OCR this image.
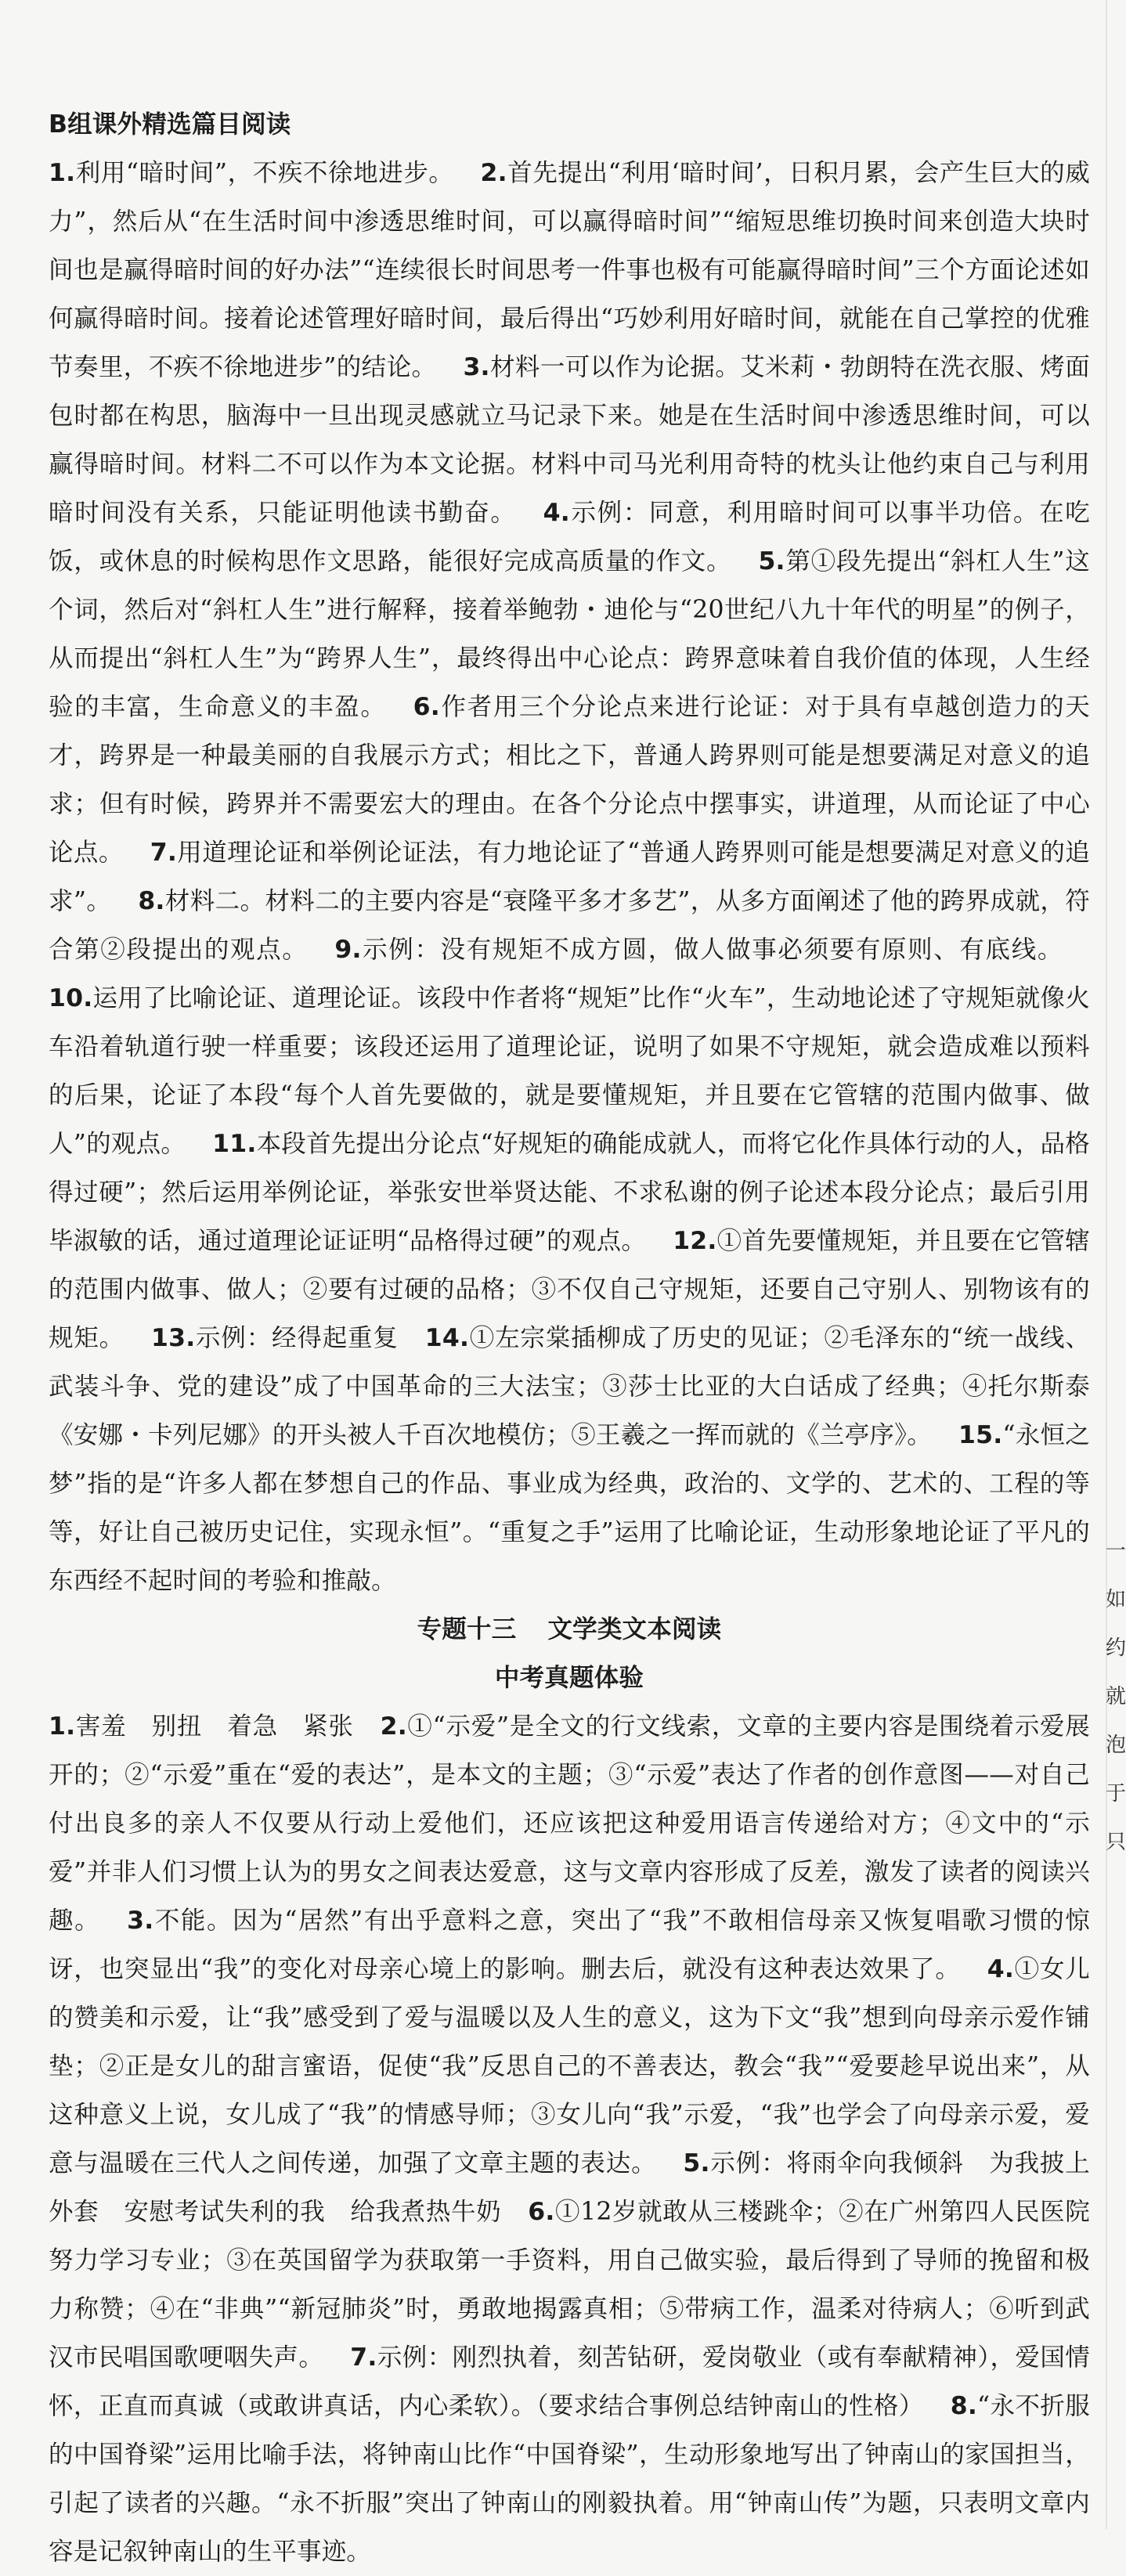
B组课外精选篇目阅读
1.利用“暗时间”，不疾不徐地进步。 2.首先提出“利用‘暗时间’，日积月累，会产生巨大的威力”，然后从“在生活时间中渗透思维时间，可以赢得暗时间”“缩短思维切换时间来创造大块时间也是赢得暗时间的好办法”“连续很长时间思考一件事也极有可能赢得暗时间”三个方面论述如何赢得暗时间。接着论述管理好暗时间，最后得出“巧妙利用好暗时间，就能在自己掌控的优雅节奏里，不疾不徐地进步”的结论。 3.材料一可以作为论据。艾米莉・勃朗特在洗衣服、烤面包时都在构思，脑海中一旦出现灵感就立马记录下来。她是在生活时间中渗透思维时间，可以赢得暗时间。材料二不可以作为本文论据。材料中司马光利用奇特的枕头让他约束自己与利用暗时间没有关系，只能证明他读书勤奋。 4.示例：同意，利用暗时间可以事半功倍。在吃饭，或休息的时候构思作文思路，能很好完成高质量的作文。 5.第①段先提出“斜杠人生”这个词，然后对“斜杠人生”进行解释，接着举鲍勃・迪伦与“20世纪八九十年代的明星”的例子，从而提出“斜杠人生”为“跨界人生”，最终得出中心论点：跨界意味着自我价值的体现，人生经验的丰富，生命意义的丰盈。 6.作者用三个分论点来进行论证：对于具有卓越创造力的天才，跨界是一种最美丽的自我展示方式；相比之下，普通人跨界则可能是想要满足对意义的追求；但有时候，跨界并不需要宏大的理由。在各个分论点中摆事实，讲道理，从而论证了中心论点。 7.用道理论证和举例论证法，有力地论证了“普通人跨界则可能是想要满足对意义的追求”。 8.材料二。材料二的主要内容是“衰隆平多才多艺”，从多方面阐述了他的跨界成就，符合第②段提出的观点。 9.示例：没有规矩不成方圆，做人做事必须要有原则、有底线。10.运用了比喻论证、道理论证。该段中作者将“规矩”比作“火车”，生动地论述了守规矩就像火车沿着轨道行驶一样重要；该段还运用了道理论证，说明了如果不守规矩，就会造成难以预料的后果，论证了本段“每个人首先要做的，就是要懂规矩，并且要在它管辖的范围内做事、做人”的观点。 11.本段首先提出分论点“好规矩的确能成就人，而将它化作具体行动的人，品格得过硬”；然后运用举例论证，举张安世举贤达能、不求私谢的例子论述本段分论点；最后引用毕淑敏的话，通过道理论证证明“品格得过硬”的观点。 12.①首先要懂规矩，并且要在它管辖的范围内做事、做人；②要有过硬的品格；③不仅自己守规矩，还要自己守别人、别物该有的规矩。 13.示例：经得起重复 14.①左宗棠插柳成了历史的见证；②毛泽东的“统一战线、武装斗争、党的建设”成了中国革命的三大法宝；③莎士比亚的大白话成了经典；④托尔斯泰《安娜・卡列尼娜》的开头被人千百次地模仿；⑤王羲之一挥而就的《兰亭序》。 15.“永恒之梦”指的是“许多人都在梦想自己的作品、事业成为经典，政治的、文学的、艺术的、工程的等等，好让自己被历史记住，实现永恒”。“重复之手”运用了比喻论证，生动形象地论证了平凡的东西经不起时间的考验和推敲。

专题十三 文学类文本阅读

中考真题体验

1.害羞　别扭　着急　紧张 2.①“示爱”是全文的行文线索，文章的主要内容是围绕着示爱展开的；②“示爱”重在“爱的表达”，是本文的主题；③“示爱”表达了作者的创作意图——对自己付出良多的亲人不仅要从行动上爱他们，还应该把这种爱用语言传递给对方；④文中的“示爱”并非人们习惯上认为的男女之间表达爱意，这与文章内容形成了反差，激发了读者的阅读兴趣。 3.不能。因为“居然”有出乎意料之意，突出了“我”不敢相信母亲又恢复唱歌习惯的惊讶，也突显出“我”的变化对母亲心境上的影响。删去后，就没有这种表达效果了。 4.①女儿的赞美和示爱，让“我”感受到了爱与温暖以及人生的意义，这为下文“我”想到向母亲示爱作铺垫；②正是女儿的甜言蜜语，促使“我”反思自己的不善表达，教会“我”“爱要趁早说出来”，从这种意义上说，女儿成了“我”的情感导师；③女儿向“我”示爱，“我”也学会了向母亲示爱，爱意与温暖在三代人之间传递，加强了文章主题的表达。 5.示例：将雨伞向我倾斜　为我披上外套　安慰考试失利的我　给我煮热牛奶 6.①12岁就敢从三楼跳伞；②在广州第四人民医院努力学习专业；③在英国留学为获取第一手资料，用自己做实验，最后得到了导师的挽留和极力称赞；④在“非典”“新冠肺炎”时，勇敢地揭露真相；⑤带病工作，温柔对待病人；⑥听到武汉市民唱国歌哽咽失声。 7.示例：刚烈执着，刻苦钻研，爱岗敬业（或有奉献精神），爱国情怀，正直而真诚（或敢讲真话，内心柔软）。（要求结合事例总结钟南山的性格） 8.“永不折服的中国脊梁”运用比喻手法，将钟南山比作“中国脊梁”，生动形象地写出了钟南山的家国担当，引起了读者的兴趣。“永不折服”突出了钟南山的刚毅执着。用“钟南山传”为题，只表明文章内容是记叙钟南山的生平事迹。

一
如
约
就
泡
于
只
